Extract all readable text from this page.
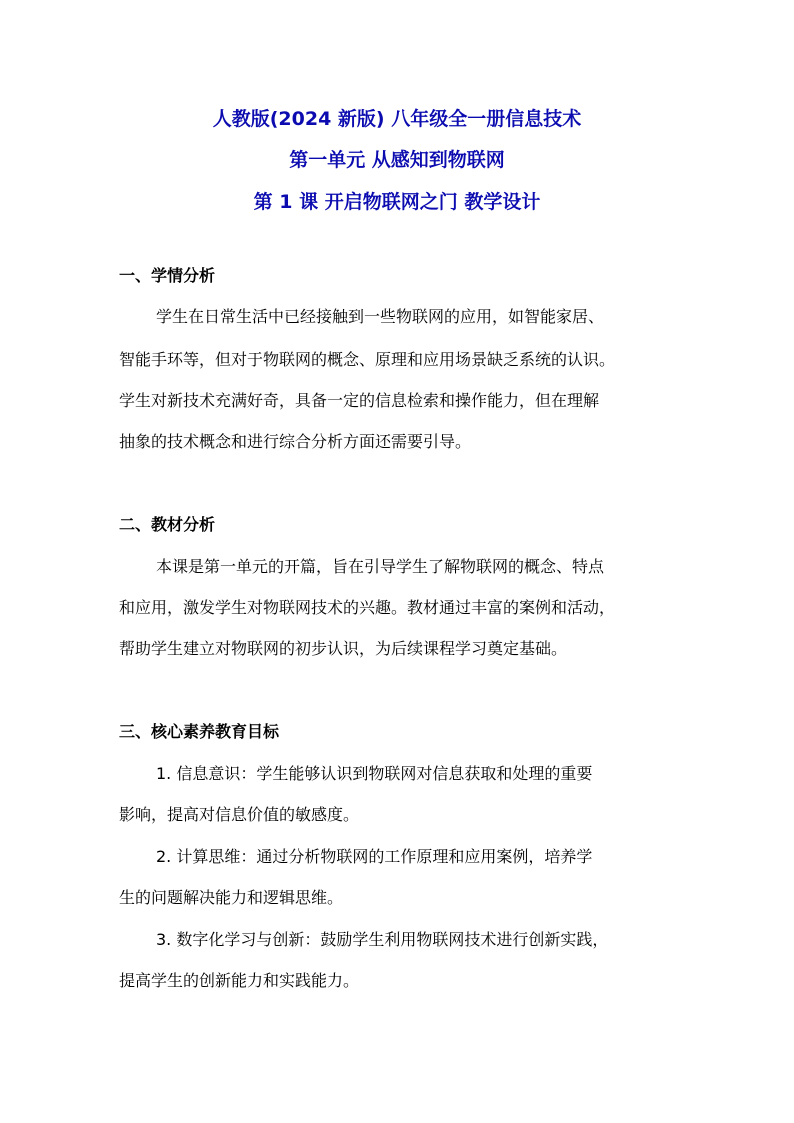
人教版(2024 新版) 八年级全一册信息技术
第一单元 从感知到物联网
第 1 课 开启物联网之门 教学设计
一、学情分析
学生在日常生活中已经接触到一些物联网的应用，如智能家居、
智能手环等，但对于物联网的概念、原理和应用场景缺乏系统的认识。
学生对新技术充满好奇，具备一定的信息检索和操作能力，但在理解
抽象的技术概念和进行综合分析方面还需要引导。
二、教材分析
本课是第一单元的开篇，旨在引导学生了解物联网的概念、特点
和应用，激发学生对物联网技术的兴趣。教材通过丰富的案例和活动，
帮助学生建立对物联网的初步认识，为后续课程学习奠定基础。
三、核心素养教育目标
1. 信息意识：学生能够认识到物联网对信息获取和处理的重要
影响，提高对信息价值的敏感度。
2. 计算思维：通过分析物联网的工作原理和应用案例，培养学
生的问题解决能力和逻辑思维。
3. 数字化学习与创新：鼓励学生利用物联网技术进行创新实践，
提高学生的创新能力和实践能力。
